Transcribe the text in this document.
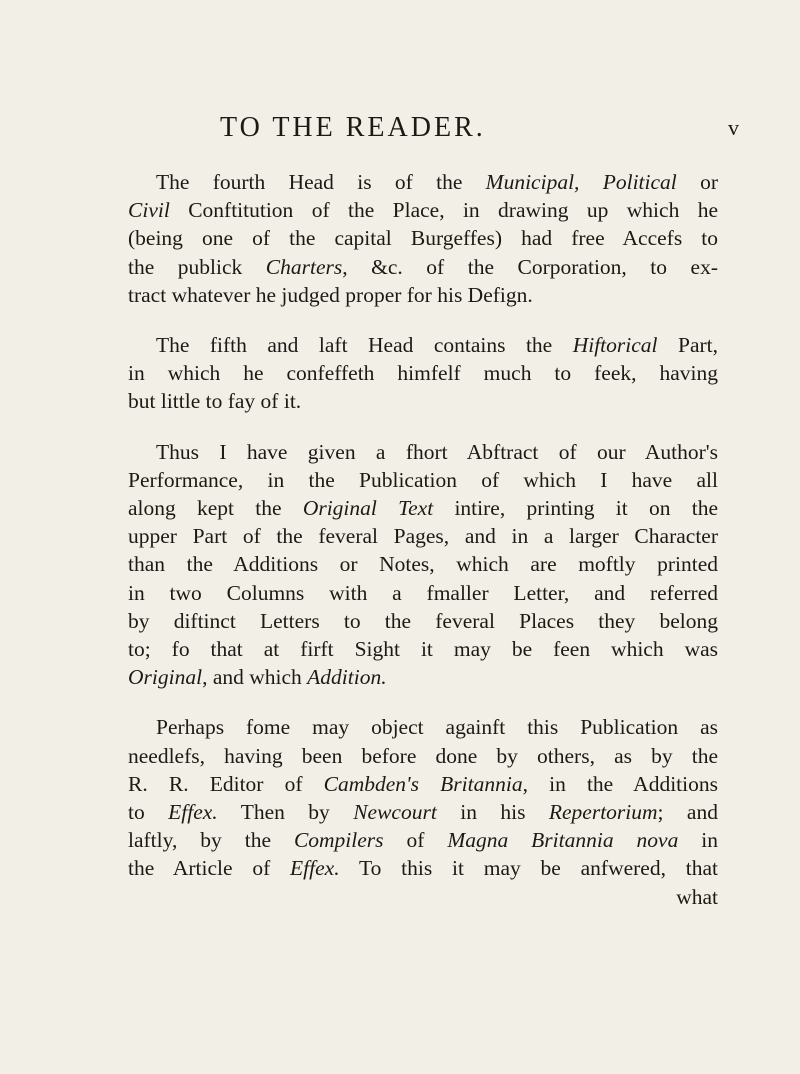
TO THE READER.	v
The fourth Head is of the Municipal, Political or
Civil Conftitution of the Place, in drawing up which he
(being one of the capital Burgeffes) had free Accefs to
the publick Charters, &c. of the Corporation, to ex-
tract whatever he judged proper for his Defign.
The fifth and laft Head contains the Hiftorical Part,
in which he confeffeth himfelf much to feek, having
but little to fay of it.
Thus I have given a fhort Abftract of our Author's
Performance, in the Publication of which I have all
along kept the Original Text intire, printing it on the
upper Part of the feveral Pages, and in a larger Character
than the Additions or Notes, which are moftly printed
in two Columns with a fmaller Letter, and referred
by diftinct Letters to the feveral Places they belong
to; fo that at firft Sight it may be feen which was
Original, and which Addition.
Perhaps fome may object againft this Publication as
needlefs, having been before done by others, as by the
R. R. Editor of Cambden's Britannia, in the Additions
to Effex. Then by Newcourt in his Repertorium; and
laftly, by the Compilers of Magna Britannia nova in
the Article of Effex. To this it may be anfwered, that
what
